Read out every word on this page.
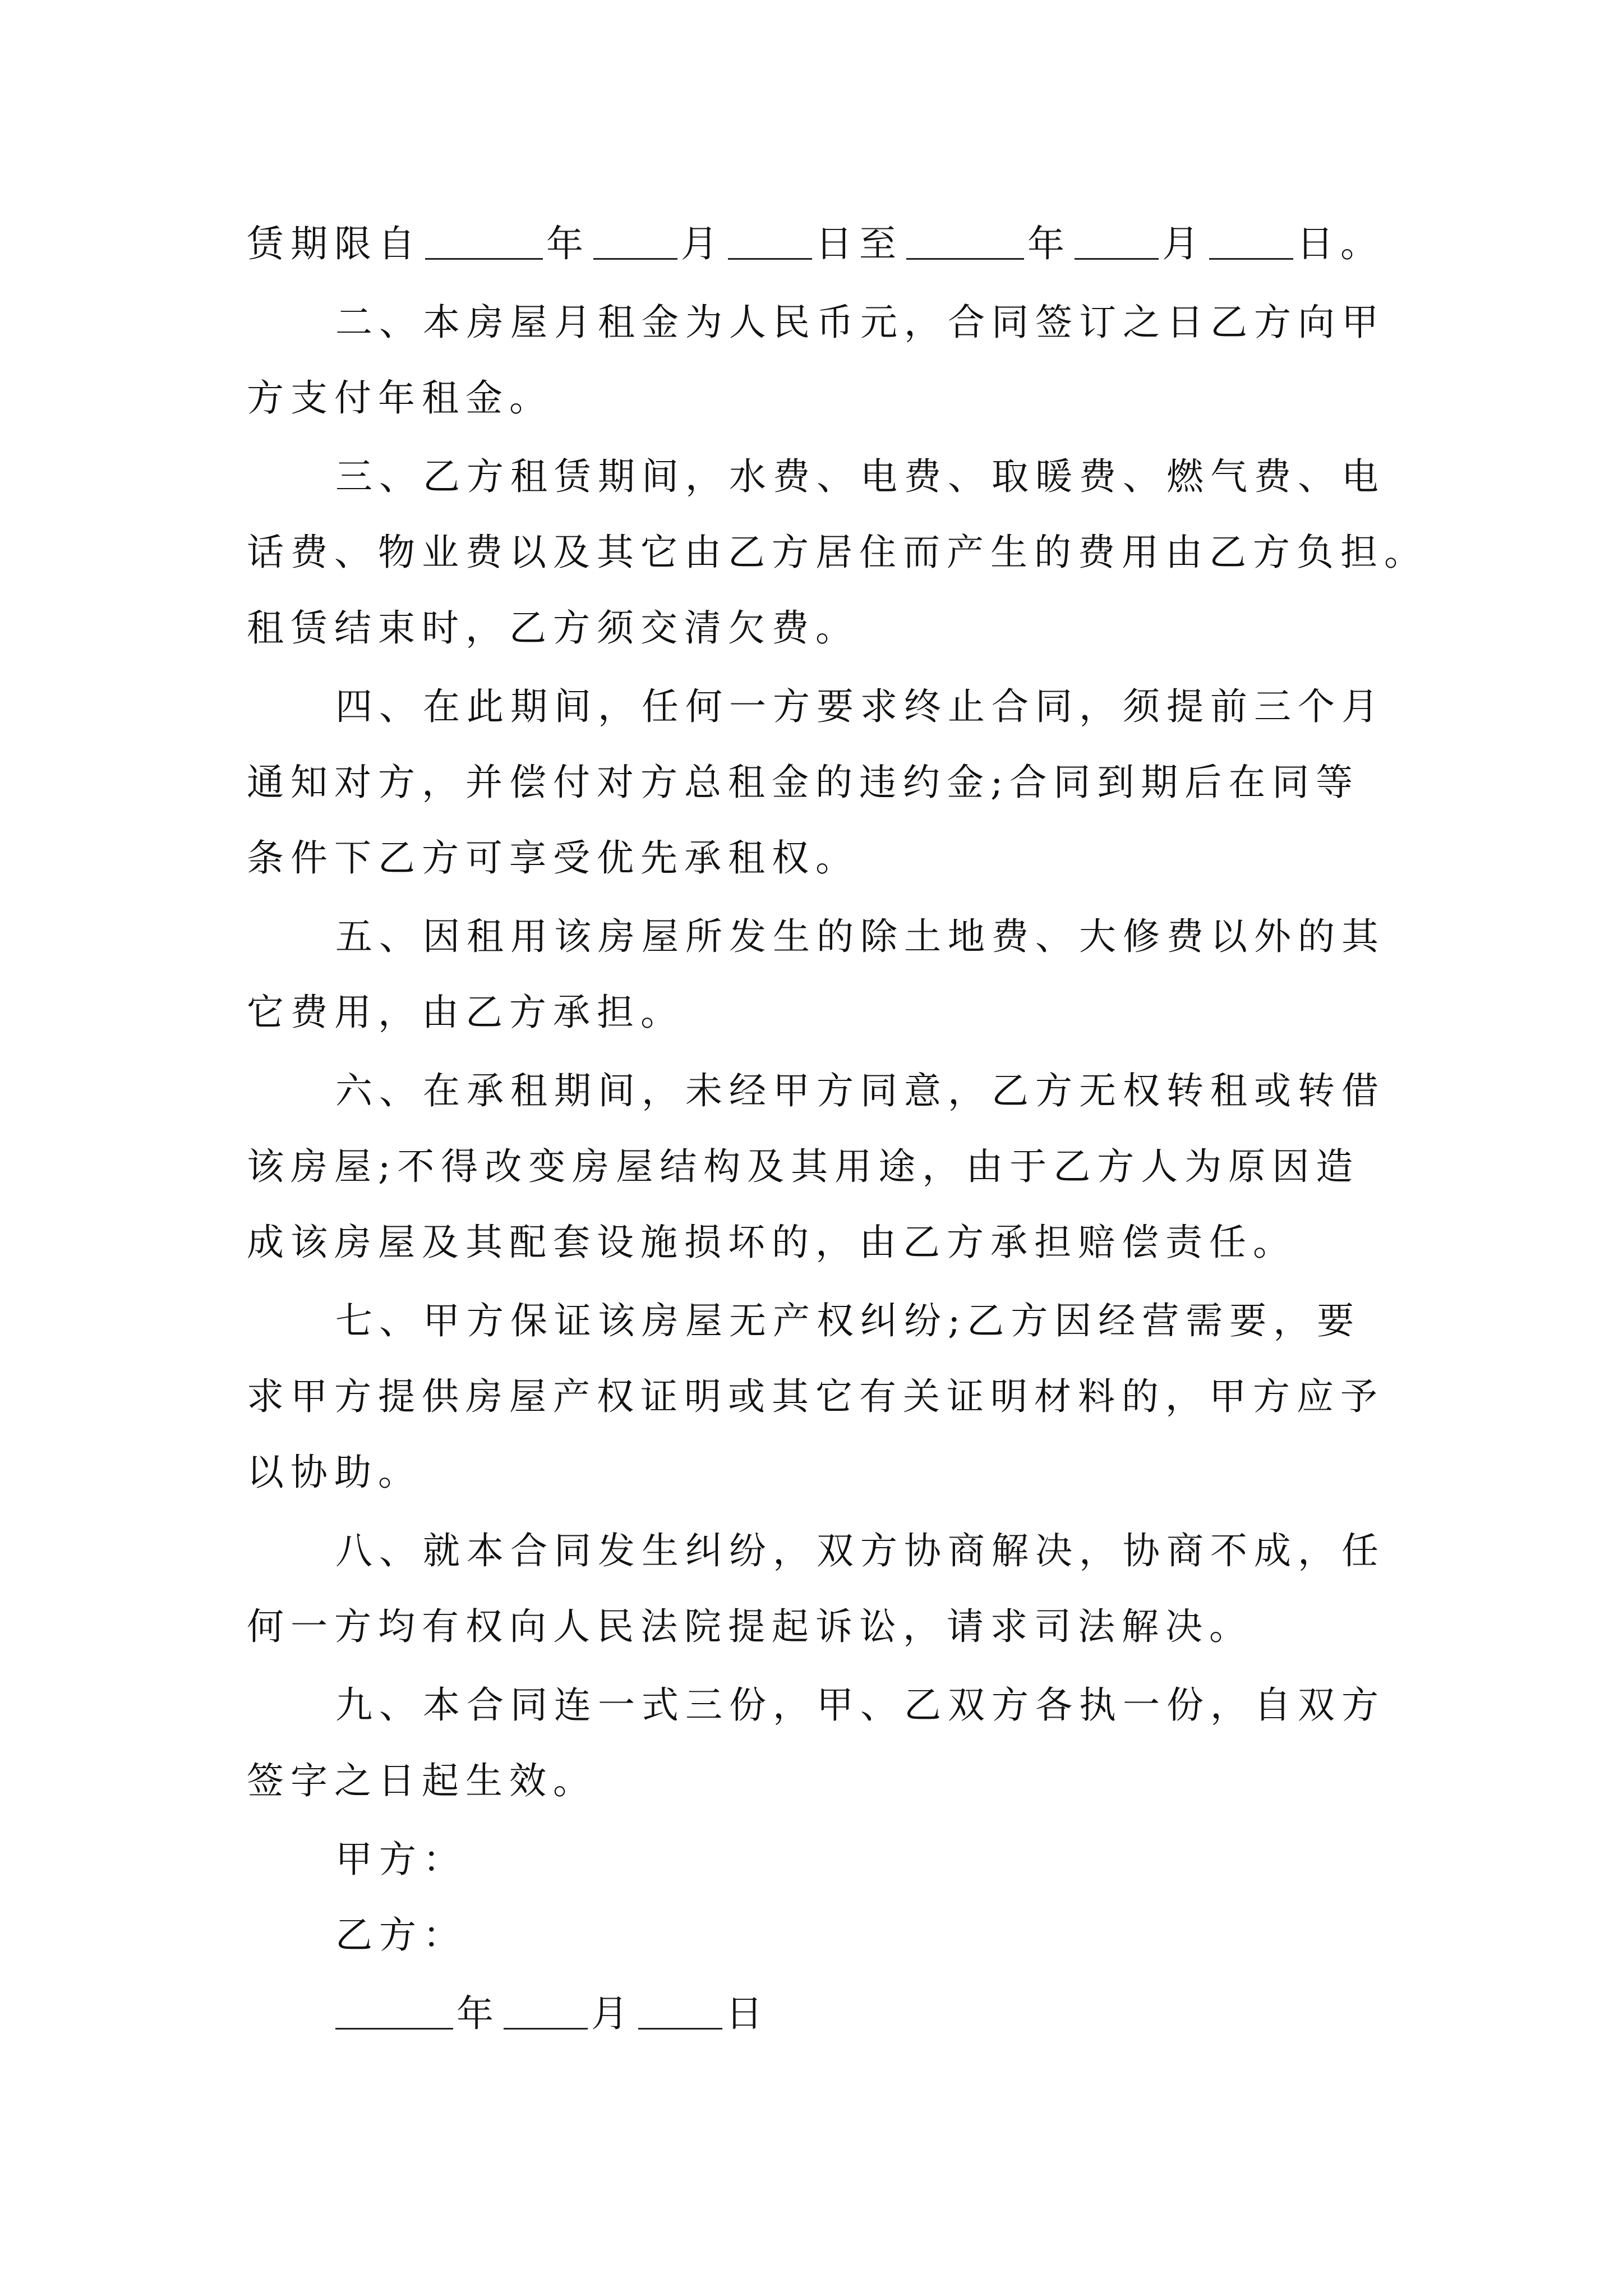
赁期限自	年 月 日至	年 月 日。
二、本房屋月租金为人民币元，合同签订之日乙方向甲
方支付年租金。
三、乙方租赁期间，水费、电费、取暖费、燃气费、电
话费、物业费以及其它由乙方居住而产生的费用由乙方负担。
租赁结束时，乙方须交清欠费。
四、在此期间，任何一方要求终止合同，须提前三个月
通知对方，并偿付对方总租金的违约金;合同到期后在同等
条件下乙方可享受优先承租权。
五、因租用该房屋所发生的除土地费、大修费以外的其
它费用，由乙方承担。
六、在承租期间，未经甲方同意，乙方无权转租或转借
该房屋;不得改变房屋结构及其用途，由于乙方人为原因造
成该房屋及其配套设施损坏的，由乙方承担赔偿责任。
七、甲方保证该房屋无产权纠纷;乙方因经营需要，要
求甲方提供房屋产权证明或其它有关证明材料的，甲方应予
以协助。
八、就本合同发生纠纷，双方协商解决，协商不成，任
何一方均有权向人民法院提起诉讼，请求司法解决。
九、本合同连一式三份，甲、乙双方各执一份，自双方
签字之日起生效。
甲方：
乙方：
年 月 日
